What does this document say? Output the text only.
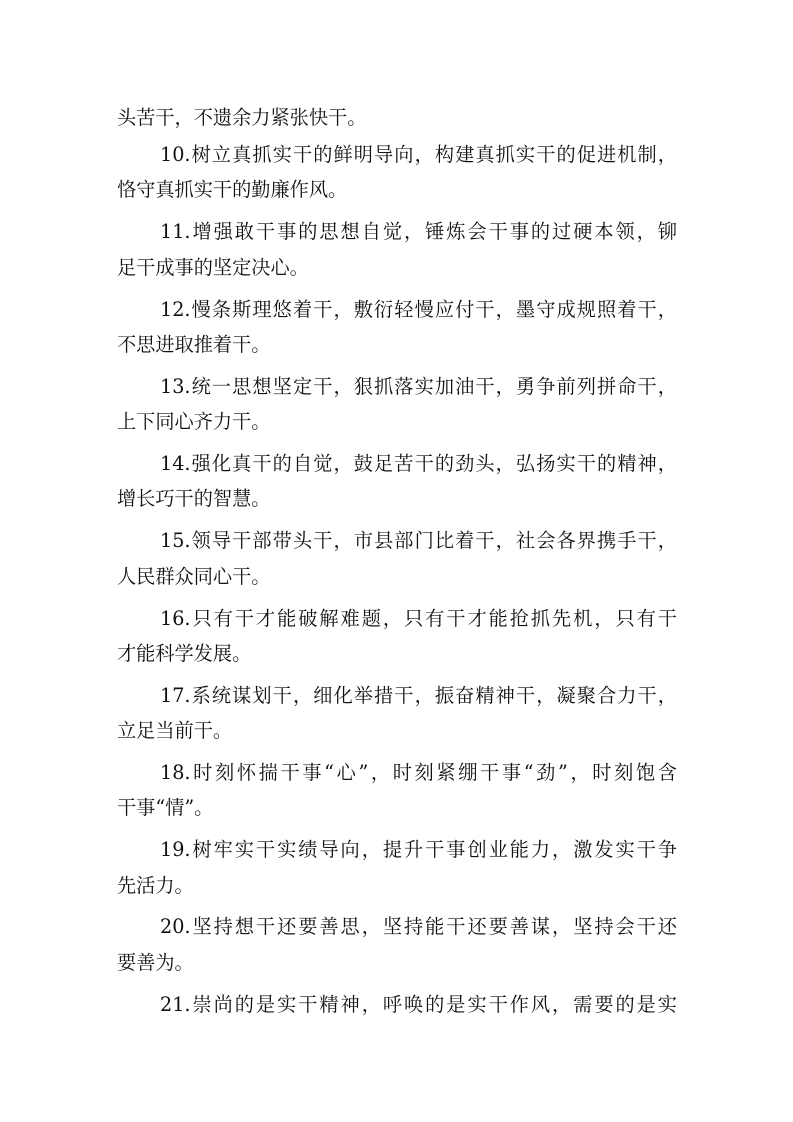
头苦干，不遗余力紧张快干。
10.树立真抓实干的鲜明导向，构建真抓实干的促进机制，
恪守真抓实干的勤廉作风。
11.增强敢干事的思想自觉，锤炼会干事的过硬本领，铆
足干成事的坚定决心。
12.慢条斯理悠着干，敷衍轻慢应付干，墨守成规照着干，
不思进取推着干。
13.统一思想坚定干，狠抓落实加油干，勇争前列拼命干，
上下同心齐力干。
14.强化真干的自觉，鼓足苦干的劲头，弘扬实干的精神，
增长巧干的智慧。
15.领导干部带头干，市县部门比着干，社会各界携手干，
人民群众同心干。
16.只有干才能破解难题，只有干才能抢抓先机，只有干
才能科学发展。
17.系统谋划干，细化举措干，振奋精神干，凝聚合力干，
立足当前干。
18.时刻怀揣干事“心”，时刻紧绷干事“劲”，时刻饱含
干事“情”。
19.树牢实干实绩导向，提升干事创业能力，激发实干争
先活力。
20.坚持想干还要善思，坚持能干还要善谋，坚持会干还
要善为。
21.崇尚的是实干精神，呼唤的是实干作风，需要的是实
